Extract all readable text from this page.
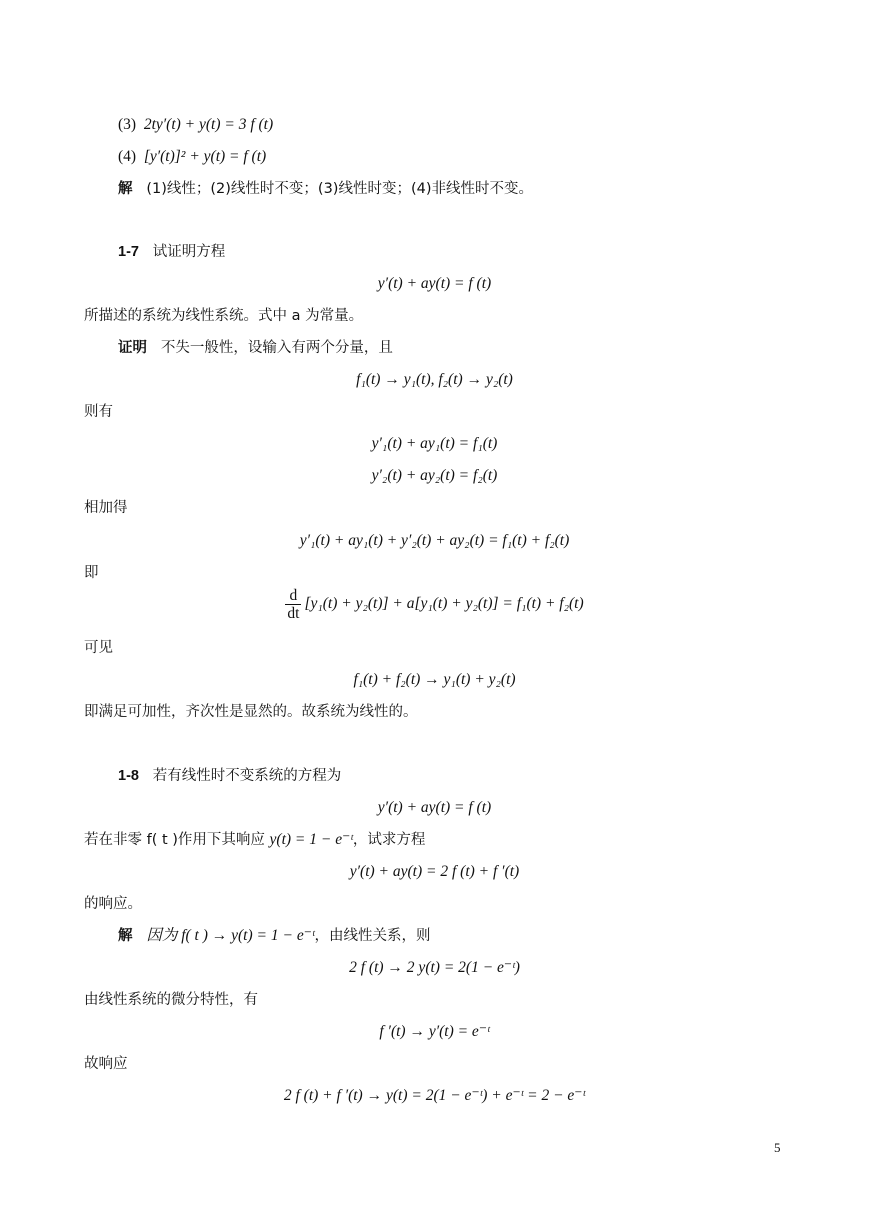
(3) 2ty′(t) + y(t) = 3 f (t)
(4) [y′(t)]² + y(t) = f (t)
解 (1)线性；(2)线性时不变；(3)线性时变；(4)非线性时不变。
1-7 试证明方程
y′(t) + ay(t) = f (t)
所描述的系统为线性系统。式中 a 为常量。
证明 不失一般性，设输入有两个分量，且
f₁(t) → y₁(t), f₂(t) → y₂(t)
则有
y′₁(t) + ay₁(t) = f₁(t)
y′₂(t) + ay₂(t) = f₂(t)
相加得
y′₁(t) + ay₁(t) + y′₂(t) + ay₂(t) = f₁(t) + f₂(t)
即
$\frac{d}{dt} [y_1(t) + y_2(t)] + a[y_1(t) + y_2(t)] = f_1(t) + f_2(t)$
可见
f₁(t) + f₂(t) → y₁(t) + y₂(t)
即满足可加性，齐次性是显然的。故系统为线性的。
1-8 若有线性时不变系统的方程为
y′(t) + ay(t) = f (t)
若在非零 f( t )作用下其响应 y(t) = 1 − e⁻ᵗ，试求方程
y′(t) + ay(t) = 2 f (t) + f ′(t)
的响应。
解 因为 f( t ) → y(t) = 1 − e⁻ᵗ，由线性关系，则
2 f (t) → 2 y(t) = 2(1 − e⁻ᵗ)
由线性系统的微分特性，有
f ′(t) → y′(t) = e⁻ᵗ
故响应
2 f (t) + f ′(t) → y(t) = 2(1 − e⁻ᵗ) + e⁻ᵗ = 2 − e⁻ᵗ
5
